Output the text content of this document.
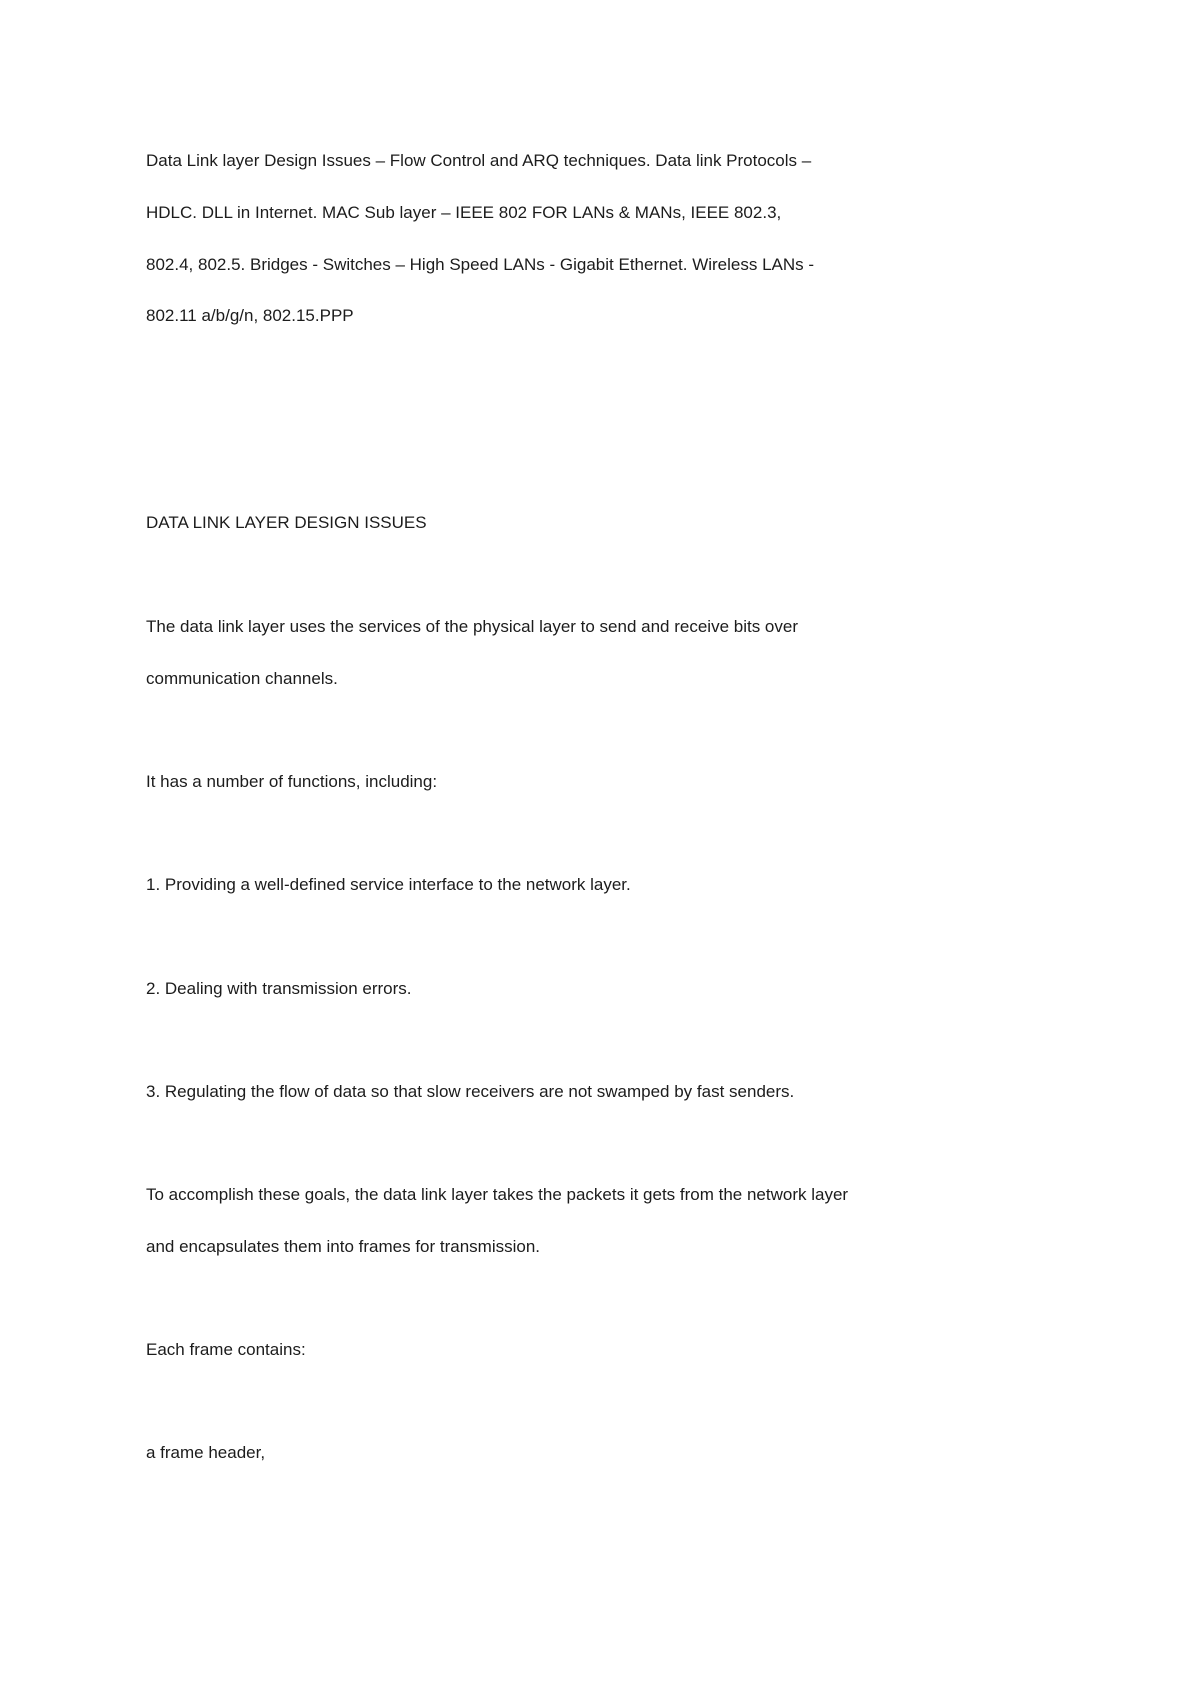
Data Link layer Design Issues – Flow Control and ARQ techniques. Data link Protocols –
HDLC. DLL in Internet. MAC Sub layer – IEEE 802 FOR LANs & MANs, IEEE 802.3,
802.4, 802.5. Bridges - Switches – High Speed LANs - Gigabit Ethernet. Wireless LANs -
802.11 a/b/g/n, 802.15.PPP
DATA LINK LAYER DESIGN ISSUES
The data link layer uses the services of the physical layer to send and receive bits over
communication channels.
It has a number of functions, including:
1. Providing a well-defined service interface to the network layer.
2. Dealing with transmission errors.
3. Regulating the flow of data so that slow receivers are not swamped by fast senders.
To accomplish these goals, the data link layer takes the packets it gets from the network layer
and encapsulates them into frames for transmission.
Each frame contains:
a frame header,
